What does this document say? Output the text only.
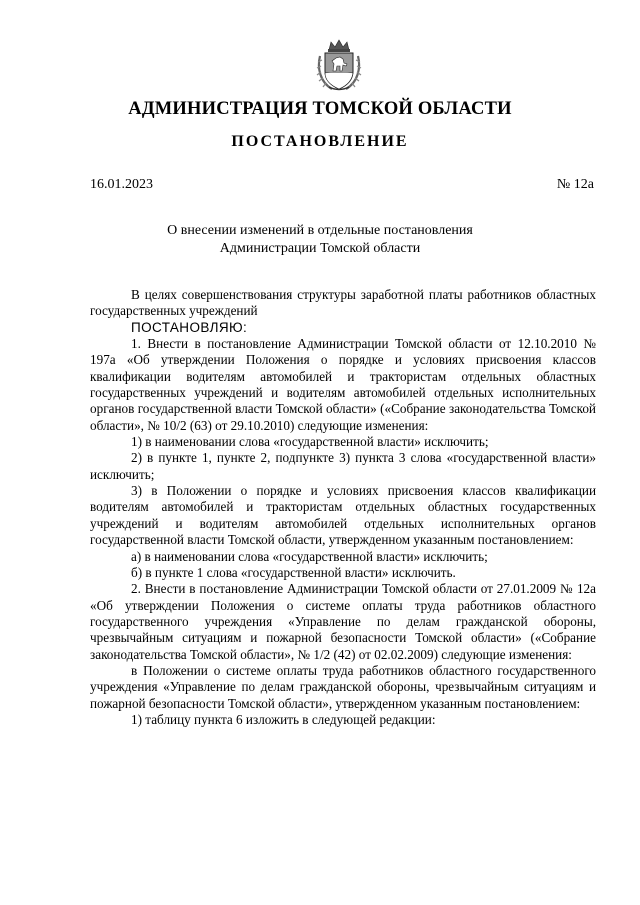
АДМИНИСТРАЦИЯ ТОМСКОЙ ОБЛАСТИ
ПОСТАНОВЛЕНИЕ
16.01.2023	№ 12а
О внесении изменений в отдельные постановления
Администрации Томской области

В целях совершенствования структуры заработной платы работников областных государственных учреждений

ПОСТАНОВЛЯЮ:

1. Внести в постановление Администрации Томской области от 12.10.2010 № 197а «Об утверждении Положения о порядке и условиях присвоения классов квалификации водителям автомобилей и трактористам отдельных областных государственных учреждений и водителям автомобилей отдельных исполнительных органов государственной власти Томской области» («Собрание законодательства Томской области», № 10/2 (63) от 29.10.2010) следующие изменения:

1) в наименовании слова «государственной власти» исключить;

2) в пункте 1, пункте 2, подпункте 3) пункта 3 слова «государственной власти» исключить;

3) в Положении о порядке и условиях присвоения классов квалификации водителям автомобилей и трактористам отдельных областных государственных учреждений и водителям автомобилей отдельных исполнительных органов государственной власти Томской области, утвержденном указанным постановлением:

а) в наименовании слова «государственной власти» исключить;

б) в пункте 1 слова «государственной власти» исключить.

2. Внести в постановление Администрации Томской области от 27.01.2009 № 12а «Об утверждении Положения о системе оплаты труда работников областного государственного учреждения «Управление по делам гражданской обороны, чрезвычайным ситуациям и пожарной безопасности Томской области» («Собрание законодательства Томской области», № 1/2 (42) от 02.02.2009) следующие изменения:

в Положении о системе оплаты труда работников областного государственного учреждения «Управление по делам гражданской обороны, чрезвычайным ситуациям и пожарной безопасности Томской области», утвержденном указанным постановлением:

1) таблицу пункта 6 изложить в следующей редакции:
